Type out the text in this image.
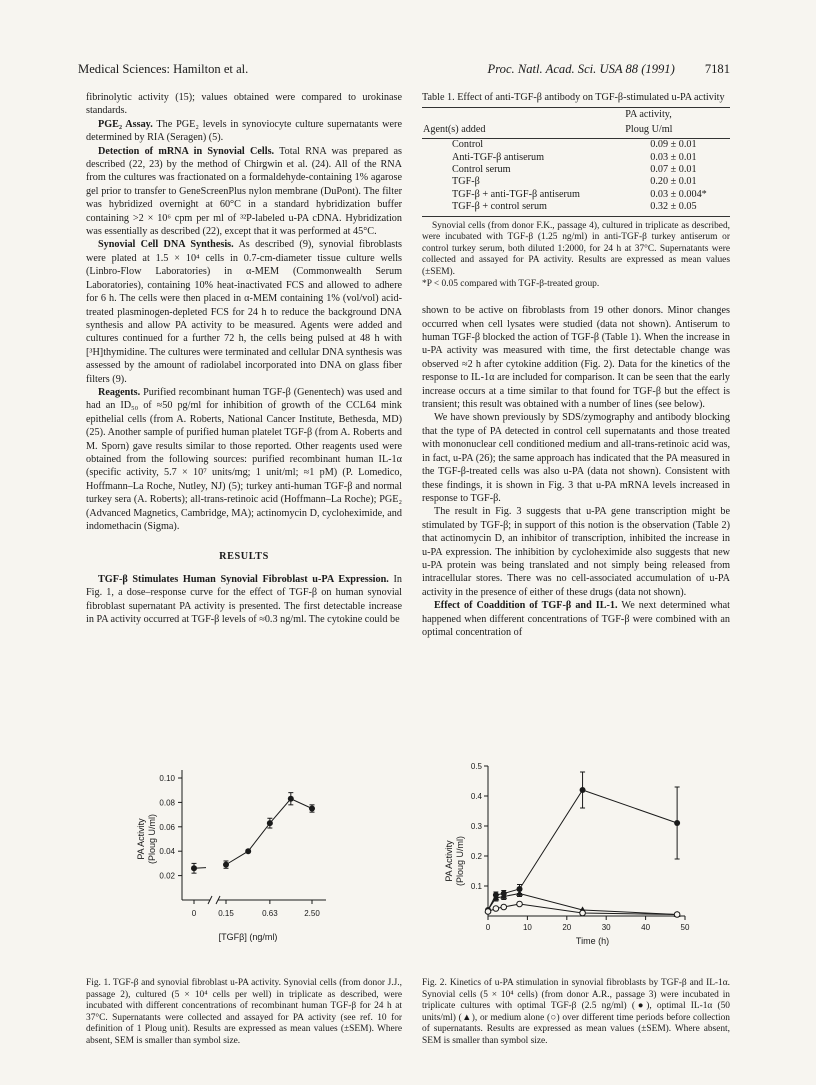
Medical Sciences: Hamilton et al.	Proc. Natl. Acad. Sci. USA 88 (1991) 7181

fibrinolytic activity (15); values obtained were compared to urokinase standards.

PGE₂ Assay. The PGE₂ levels in synoviocyte culture supernatants were determined by RIA (Seragen) (5).

Detection of mRNA in Synovial Cells. Total RNA was prepared as described (22, 23) by the method of Chirgwin et al. (24). All of the RNA from the cultures was fractionated on a formaldehyde-containing 1% agarose gel prior to transfer to GeneScreenPlus nylon membrane (DuPont). The filter was hybridized overnight at 60°C in a standard hybridization buffer containing >2 × 10⁶ cpm per ml of ³²P-labeled u-PA cDNA. Hybridization was essentially as described (22), except that it was performed at 45°C.

Synovial Cell DNA Synthesis. As described (9), synovial fibroblasts were plated at 1.5 × 10⁴ cells in 0.7-cm-diameter tissue culture wells (Linbro-Flow Laboratories) in α-MEM (Commonwealth Serum Laboratories), containing 10% heat-inactivated FCS and allowed to adhere for 6 h. The cells were then placed in α-MEM containing 1% (vol/vol) acid-treated plasminogen-depleted FCS for 24 h to reduce the background DNA synthesis and allow PA activity to be measured. Agents were added and cultures continued for a further 72 h, the cells being pulsed at 48 h with [³H]thymidine. The cultures were terminated and cellular DNA synthesis was assessed by the amount of radiolabel incorporated into DNA on glass fiber filters (9).

Reagents. Purified recombinant human TGF-β (Genentech) was used and had an ID₅₀ of ≈50 pg/ml for inhibition of growth of the CCL64 mink epithelial cells (from A. Roberts, National Cancer Institute, Bethesda, MD) (25). Another sample of purified human platelet TGF-β (from A. Roberts and M. Sporn) gave results similar to those reported. Other reagents used were obtained from the following sources: purified recombinant human IL-1α (specific activity, 5.7 × 10⁷ units/mg; 1 unit/ml; ≈1 pM) (P. Lomedico, Hoffmann–La Roche, Nutley, NJ) (5); turkey anti-human TGF-β and normal turkey sera (A. Roberts); all-trans-retinoic acid (Hoffmann–La Roche); PGE₂ (Advanced Magnetics, Cambridge, MA); actinomycin D, cycloheximide, and indomethacin (Sigma).

RESULTS

TGF-β Stimulates Human Synovial Fibroblast u-PA Expression. In Fig. 1, a dose–response curve for the effect of TGF-β on human synovial fibroblast supernatant PA activity is presented. The first detectable increase in PA activity occurred at TGF-β levels of ≈0.3 ng/ml. The cytokine could be

Table 1. Effect of anti-TGF-β antibody on TGF-β-stimulated u-PA activity
	PA activity,
Agent(s) added	Ploug U/ml
Control	0.09 ± 0.01
Anti-TGF-β antiserum	0.03 ± 0.01
Control serum	0.07 ± 0.01
TGF-β	0.20 ± 0.01
TGF-β + anti-TGF-β antiserum	0.03 ± 0.004*
TGF-β + control serum	0.32 ± 0.05
Synovial cells (from donor F.K., passage 4), cultured in triplicate as described, were incubated with TGF-β (1.25 ng/ml) in anti-TGF-β turkey antiserum or control turkey serum, both diluted 1:2000, for 24 h at 37°C. Supernatants were collected and assayed for PA activity. Results are expressed as mean values (±SEM).
*P < 0.05 compared with TGF-β-treated group.

shown to be active on fibroblasts from 19 other donors. Minor changes occurred when cell lysates were studied (data not shown). Antiserum to human TGF-β blocked the action of TGF-β (Table 1). When the increase in u-PA activity was measured with time, the first detectable change was observed ≈2 h after cytokine addition (Fig. 2). Data for the kinetics of the response to IL-1α are included for comparison. It can be seen that the early increase occurs at a time similar to that found for TGF-β but the effect is transient; this result was obtained with a number of lines (see below).

We have shown previously by SDS/zymography and antibody blocking that the type of PA detected in control cell supernatants and those treated with mononuclear cell conditioned medium and all-trans-retinoic acid was, in fact, u-PA (26); the same approach has indicated that the PA measured in the TGF-β-treated cells was also u-PA (data not shown). Consistent with these findings, it is shown in Fig. 3 that u-PA mRNA levels increased in response to TGF-β.

The result in Fig. 3 suggests that u-PA gene transcription might be stimulated by TGF-β; in support of this notion is the observation (Table 2) that actinomycin D, an inhibitor of transcription, inhibited the increase in u-PA expression. The inhibition by cycloheximide also suggests that new u-PA protein was being translated and not simply being released from intracellular stores. There was no cell-associated accumulation of u-PA activity in the presence of either of these drugs (data not shown).

Effect of Coaddition of TGF-β and IL-1. We next determined what happened when different concentrations of TGF-β were combined with an optimal concentration of

0.02
0.04
0.06
0.08
0.10
0	0.15	0.63	2.50
PA Activity (Ploug U/ml)
[TGFβ] (ng/ml)
Fig. 1. TGF-β and synovial fibroblast u-PA activity. Synovial cells (from donor J.J., passage 2), cultured (5 × 10⁴ cells per well) in triplicate as described, were incubated with different concentrations of recombinant human TGF-β for 24 h at 37°C. Supernatants were collected and assayed for PA activity (see ref. 10 for definition of 1 Ploug unit). Results are expressed as mean values (±SEM). Where absent, SEM is smaller than symbol size.
0.1
0.2
0.3
0.4
0.5
0	10	20	30	40	50
PA Activity (Ploug U/ml)
Time (h)
Fig. 2. Kinetics of u-PA stimulation in synovial fibroblasts by TGF-β and IL-1α. Synovial cells (5 × 10⁴ cells) (from donor A.R., passage 3) were incubated in triplicate cultures with optimal TGF-β (2.5 ng/ml) (●), optimal IL-1α (50 units/ml) (▲), or medium alone (○) over different time periods before collection of supernatants. Results are expressed as mean values (±SEM). Where absent, SEM is smaller than symbol size.
